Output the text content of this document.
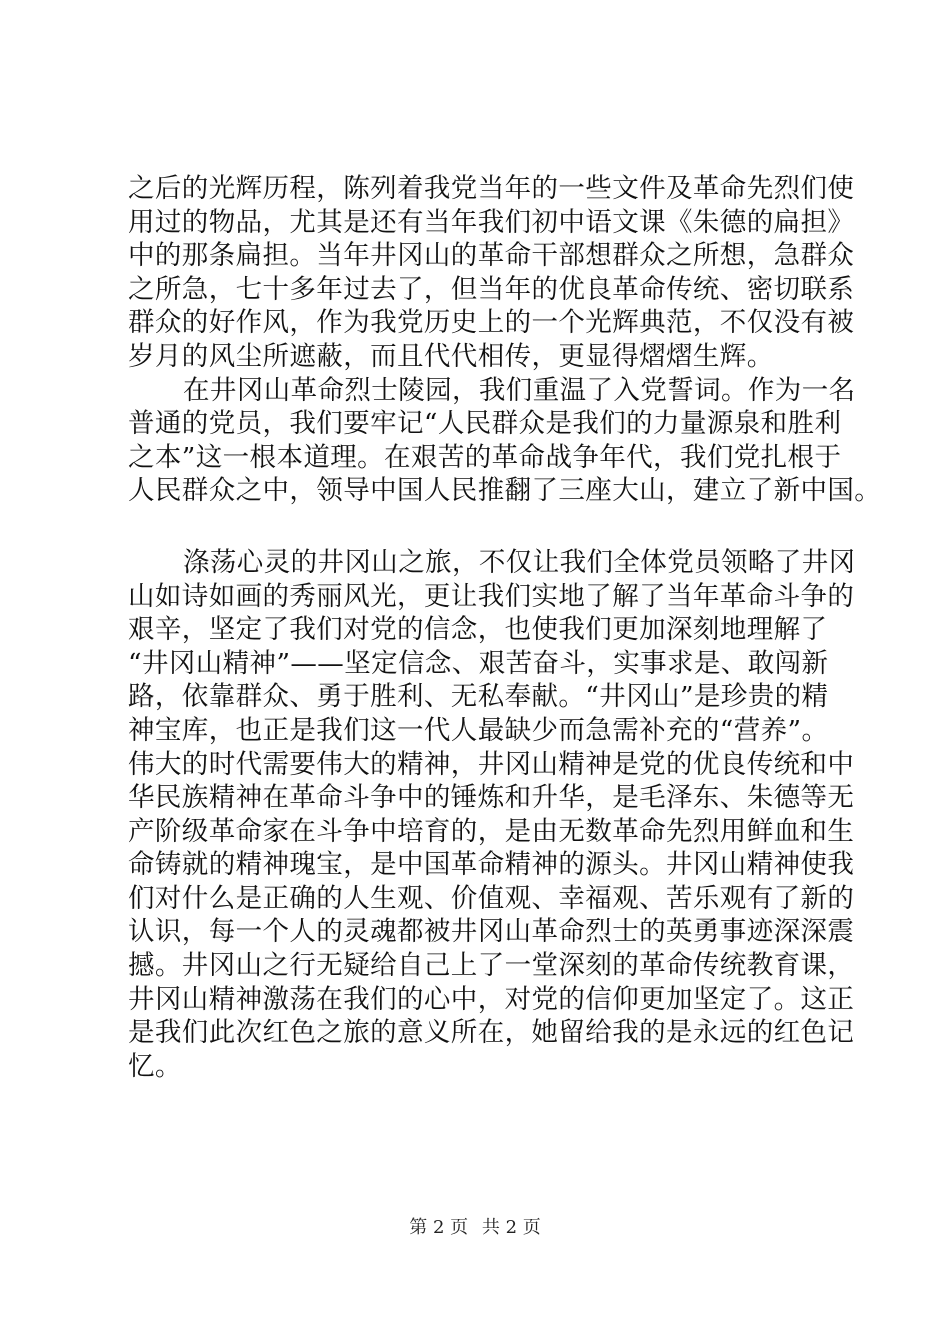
之后的光辉历程，陈列着我党当年的一些文件及革命先烈们使
用过的物品，尤其是还有当年我们初中语文课《朱德的扁担》
中的那条扁担。当年井冈山的革命干部想群众之所想，急群众
之所急，七十多年过去了，但当年的优良革命传统、密切联系
群众的好作风，作为我党历史上的一个光辉典范，不仅没有被
岁月的风尘所遮蔽，而且代代相传，更显得熠熠生辉。
在井冈山革命烈士陵园，我们重温了入党誓词。作为一名
普通的党员，我们要牢记“人民群众是我们的力量源泉和胜利
之本”这一根本道理。在艰苦的革命战争年代，我们党扎根于
人民群众之中，领导中国人民推翻了三座大山，建立了新中国。
涤荡心灵的井冈山之旅，不仅让我们全体党员领略了井冈
山如诗如画的秀丽风光，更让我们实地了解了当年革命斗争的
艰辛，坚定了我们对党的信念，也使我们更加深刻地理解了
“井冈山精神”——坚定信念、艰苦奋斗，实事求是、敢闯新
路，依靠群众、勇于胜利、无私奉献。“井冈山”是珍贵的精
神宝库，也正是我们这一代人最缺少而急需补充的“营养”。
伟大的时代需要伟大的精神，井冈山精神是党的优良传统和中
华民族精神在革命斗争中的锤炼和升华，是毛泽东、朱德等无
产阶级革命家在斗争中培育的，是由无数革命先烈用鲜血和生
命铸就的精神瑰宝，是中国革命精神的源头。井冈山精神使我
们对什么是正确的人生观、价值观、幸福观、苦乐观有了新的
认识，每一个人的灵魂都被井冈山革命烈士的英勇事迹深深震
撼。井冈山之行无疑给自己上了一堂深刻的革命传统教育课，
井冈山精神激荡在我们的心中，对党的信仰更加坚定了。这正
是我们此次红色之旅的意义所在，她留给我的是永远的红色记
忆。
第 2 页 共 2 页
